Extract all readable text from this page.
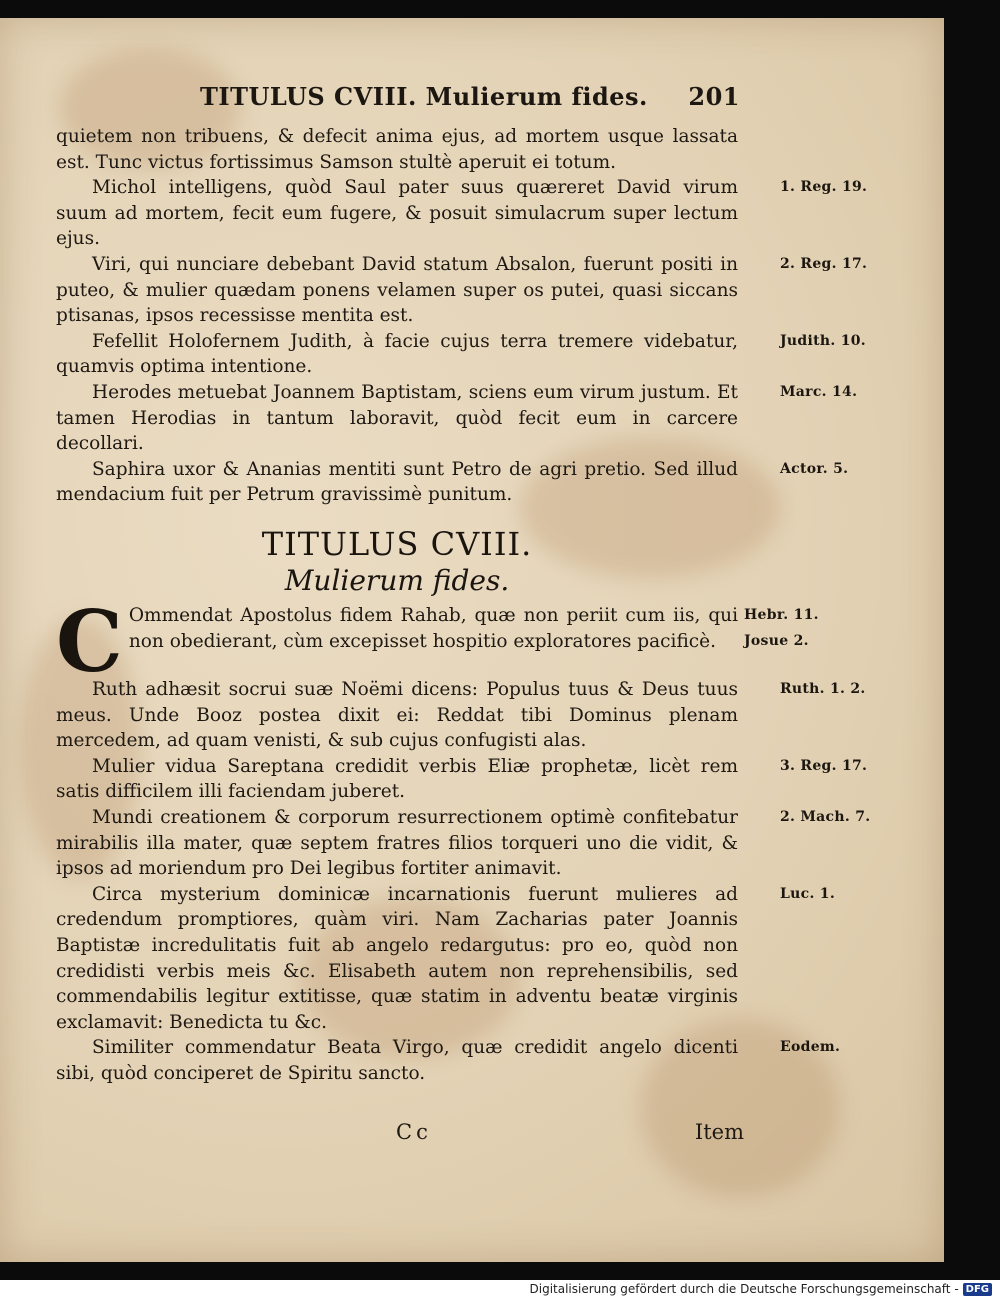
TITULUS CVIII. Mulierum fides. 201

quietem non tribuens, & defecit anima ejus, ad mortem usque lassata est. Tunc victus fortissimus Samson stultè aperuit ei totum.

Michol intelligens, quòd Saul pater suus quæreret David virum suum ad mortem, fecit eum fugere, & posuit simulacrum super lectum ejus.
1. Reg. 19.

Viri, qui nunciare debebant David statum Absalon, fuerunt positi in puteo, & mulier quædam ponens velamen super os putei, quasi siccans ptisanas, ipsos recessisse mentita est.
2. Reg. 17.

Fefellit Holofernem Judith, à facie cujus terra tremere videbatur, quamvis optima intentione.
Judith. 10.

Herodes metuebat Joannem Baptistam, sciens eum virum justum. Et tamen Herodias in tantum laboravit, quòd fecit eum in carcere decollari.
Marc. 14.

Saphira uxor & Ananias mentiti sunt Petro de agri pretio. Sed illud mendacium fuit per Petrum gravissimè punitum.
Actor. 5.

TITULUS CVIII.
Mulierum fides.

C Ommendat Apostolus fidem Rahab, quæ non periit cum iis, qui non obedierant, cùm excepisset hospitio exploratores pacificè.
Hebr. 11.
Josue 2.

Ruth adhæsit socrui suæ Noëmi dicens: Populus tuus & Deus tuus meus. Unde Booz postea dixit ei: Reddat tibi Dominus plenam mercedem, ad quam venisti, & sub cujus confugisti alas.
Ruth. 1. 2.

Mulier vidua Sareptana credidit verbis Eliæ prophetæ, licèt rem satis difficilem illi faciendam juberet.
3. Reg. 17.

Mundi creationem & corporum resurrectionem optimè confitebatur mirabilis illa mater, quæ septem fratres filios torqueri uno die vidit, & ipsos ad moriendum pro Dei legibus fortiter animavit.
2. Mach. 7.

Circa mysterium dominicæ incarnationis fuerunt mulieres ad credendum promptiores, quàm viri. Nam Zacharias pater Joannis Baptistæ incredulitatis fuit ab angelo redargutus: pro eo, quòd non credidisti verbis meis &c. Elisabeth autem non reprehensibilis, sed commendabilis legitur extitisse, quæ statim in adventu beatæ virginis exclamavit: Benedicta tu &c.
Luc. 1.

Similiter commendatur Beata Virgo, quæ credidit angelo dicenti sibi, quòd conciperet de Spiritu sancto.
Eodem.

Cc	Item
Digitalisierung gefördert durch die Deutsche Forschungsgemeinschaft - DFG
